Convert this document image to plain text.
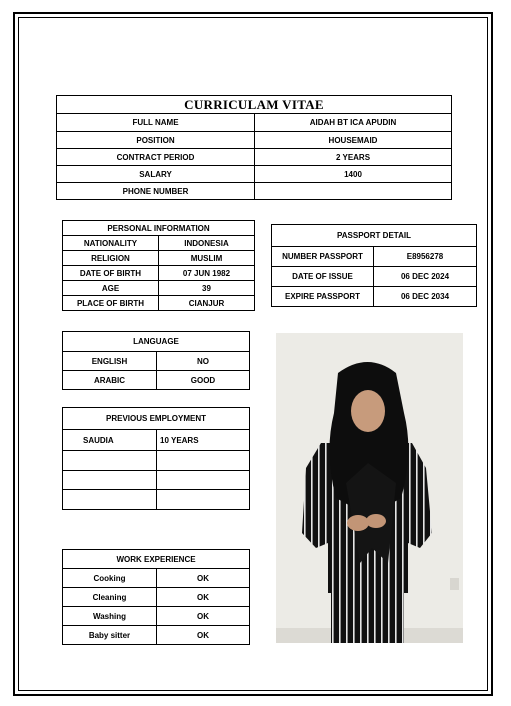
CURRICULAM VITAE	
FULL NAME	AIDAH BT ICA APUDIN
POSITION	HOUSEMAID
CONTRACT PERIOD	2 YEARS
SALARY	1400
PHONE NUMBER	
PERSONAL INFORMATION	
NATIONALITY	INDONESIA
RELIGION	MUSLIM
DATE OF BIRTH	07 JUN 1982
AGE	39
PLACE OF BIRTH	CIANJUR
PASSPORT DETAIL	
NUMBER PASSPORT	E8956278
DATE OF ISSUE	06 DEC 2024
EXPIRE PASSPORT	06 DEC 2034
LANGUAGE	
ENGLISH	NO
ARABIC	GOOD
PREVIOUS EMPLOYMENT	
SAUDIA	10 YEARS

WORK EXPERIENCE	
Cooking	OK
Cleaning	OK
Washing	OK
Baby sitter	OK
